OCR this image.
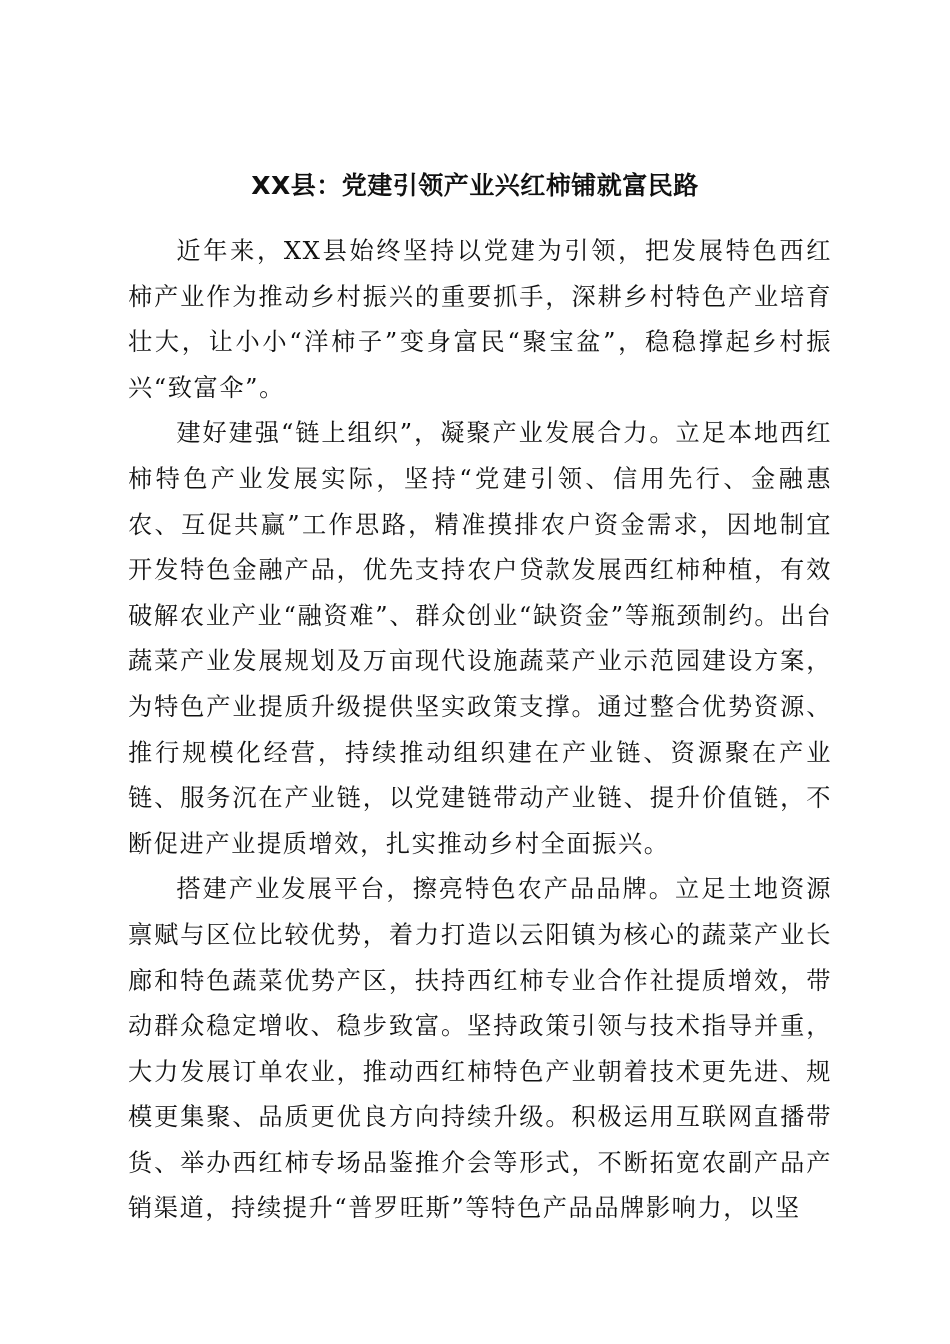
XX县：党建引领产业兴红柿铺就富民路

近年来，XX县始终坚持以党建为引领，把发展特色西红柿产业作为推动乡村振兴的重要抓手，深耕乡村特色产业培育壮大，让小小“洋柿子”变身富民“聚宝盆”，稳稳撑起乡村振兴“致富伞”。

建好建强“链上组织”，凝聚产业发展合力。立足本地西红柿特色产业发展实际，坚持“党建引领、信用先行、金融惠农、互促共赢”工作思路，精准摸排农户资金需求，因地制宜开发特色金融产品，优先支持农户贷款发展西红柿种植，有效破解农业产业“融资难”、群众创业“缺资金”等瓶颈制约。出台蔬菜产业发展规划及万亩现代设施蔬菜产业示范园建设方案，为特色产业提质升级提供坚实政策支撑。通过整合优势资源、推行规模化经营，持续推动组织建在产业链、资源聚在产业链、服务沉在产业链，以党建链带动产业链、提升价值链，不断促进产业提质增效，扎实推动乡村全面振兴。

搭建产业发展平台，擦亮特色农产品品牌。立足土地资源禀赋与区位比较优势，着力打造以云阳镇为核心的蔬菜产业长廊和特色蔬菜优势产区，扶持西红柿专业合作社提质增效，带动群众稳定增收、稳步致富。坚持政策引领与技术指导并重，大力发展订单农业，推动西红柿特色产业朝着技术更先进、规模更集聚、品质更优良方向持续升级。积极运用互联网直播带货、举办西红柿专场品鉴推介会等形式，不断拓宽农副产品产销渠道，持续提升“普罗旺斯”等特色产品品牌影响力，以坚
